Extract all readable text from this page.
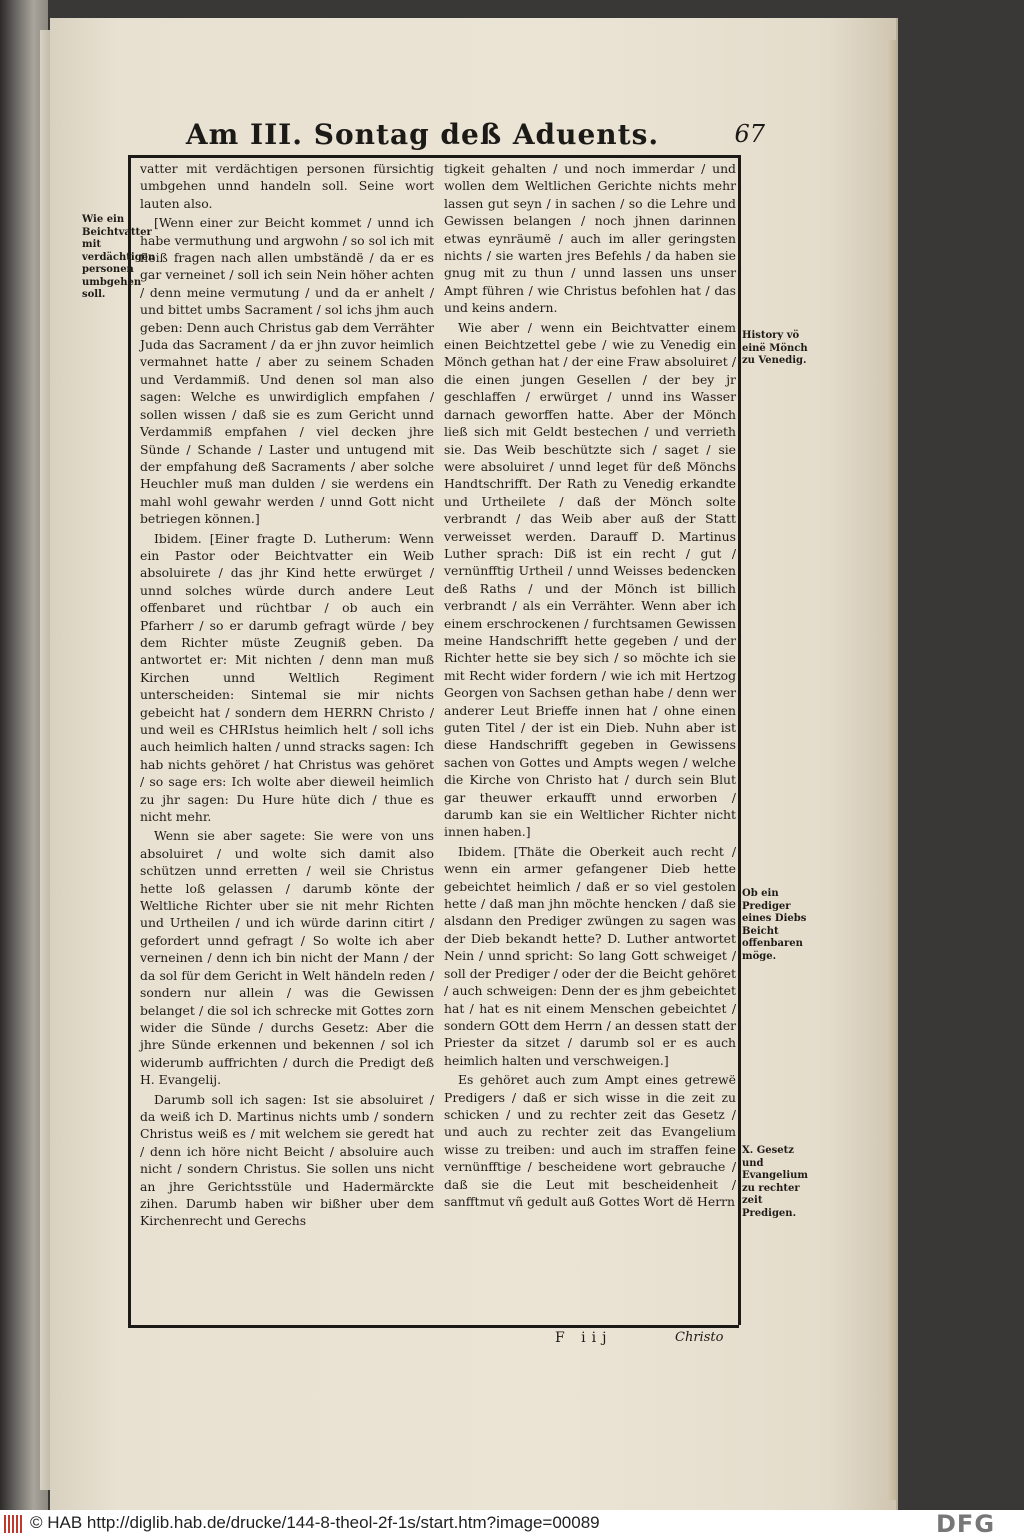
Am III. Sontag deß Aduents.	67
Wie ein Beichtvatter mit verdächtigen personen umbgehen soll.
History vö einë Mönch zu Venedig.
Ob ein Prediger eines Diebs Beicht offenbaren möge.
X. Gesetz und Evangelium zu rechter zeit Predigen.

vatter mit verdächtigen personen fürsichtig umbgehen unnd handeln soll. Seine wort lauten also.

[Wenn einer zur Beicht kommet / unnd ich habe vermuthung und argwohn / so sol ich mit fleiß fragen nach allen umbständë / da er es gar verneinet / soll ich sein Nein höher achten / denn meine vermutung / und da er anhelt / und bittet umbs Sacrament / sol ichs jhm auch geben: Denn auch Christus gab dem Verrähter Juda das Sacrament / da er jhn zuvor heimlich vermahnet hatte / aber zu seinem Schaden und Verdammiß. Und denen sol man also sagen: Welche es unwirdiglich empfahen / sollen wissen / daß sie es zum Gericht unnd Verdammiß empfahen / viel decken jhre Sünde / Schande / Laster und untugend mit der empfahung deß Sacraments / aber solche Heuchler muß man dulden / sie werdens ein mahl wohl gewahr werden / unnd Gott nicht betriegen können.]

Ibidem. [Einer fragte D. Lutherum: Wenn ein Pastor oder Beichtvatter ein Weib absoluirete / das jhr Kind hette erwürget / unnd solches würde durch andere Leut offenbaret und rüchtbar / ob auch ein Pfarherr / so er darumb gefragt würde / bey dem Richter müste Zeugniß geben. Da antwortet er: Mit nichten / denn man muß Kirchen unnd Weltlich Regiment unterscheiden: Sintemal sie mir nichts gebeicht hat / sondern dem HERRN Christo / und weil es CHRIstus heimlich helt / soll ichs auch heimlich halten / unnd stracks sagen: Ich hab nichts gehöret / hat Christus was gehöret / so sage ers: Ich wolte aber dieweil heimlich zu jhr sagen: Du Hure hüte dich / thue es nicht mehr.

Wenn sie aber sagete: Sie were von uns absoluiret / und wolte sich damit also schützen unnd erretten / weil sie Christus hette loß gelassen / darumb könte der Weltliche Richter uber sie nit mehr Richten und Urtheilen / und ich würde darinn citirt / gefordert unnd gefragt / So wolte ich aber verneinen / denn ich bin nicht der Mann / der da sol für dem Gericht in Welt händeln reden / sondern nur allein / was die Gewissen belanget / die sol ich schrecke mit Gottes zorn wider die Sünde / durchs Gesetz: Aber die jhre Sünde erkennen und bekennen / sol ich widerumb auffrichten / durch die Predigt deß H. Evangelij.

Darumb soll ich sagen: Ist sie absoluiret / da weiß ich D. Martinus nichts umb / sondern Christus weiß es / mit welchem sie geredt hat / denn ich höre nicht Beicht / absoluire auch nicht / sondern Christus. Sie sollen uns nicht an jhre Gerichtsstüle und Hadermärckte zihen. Darumb haben wir bißher uber dem Kirchenrecht und Gerechs

tigkeit gehalten / und noch immerdar / und wollen dem Weltlichen Gerichte nichts mehr lassen gut seyn / in sachen / so die Lehre und Gewissen belangen / noch jhnen darinnen etwas eynräumë / auch im aller geringsten nichts / sie warten jres Befehls / da haben sie gnug mit zu thun / unnd lassen uns unser Ampt führen / wie Christus befohlen hat / das und keins andern.

Wie aber / wenn ein Beichtvatter einem einen Beichtzettel gebe / wie zu Venedig ein Mönch gethan hat / der eine Fraw absoluiret / die einen jungen Gesellen / der bey jr geschlaffen / erwürget / unnd ins Wasser darnach geworffen hatte. Aber der Mönch ließ sich mit Geldt bestechen / und verrieth sie. Das Weib beschützte sich / saget / sie were absoluiret / unnd leget für deß Mönchs Handtschrifft. Der Rath zu Venedig erkandte und Urtheilete / daß der Mönch solte verbrandt / das Weib aber auß der Statt verweisset werden. Darauff D. Martinus Luther sprach: Diß ist ein recht / gut / vernünfftig Urtheil / unnd Weisses bedencken deß Raths / und der Mönch ist billich verbrandt / als ein Verrähter. Wenn aber ich einem erschrockenen / furchtsamen Gewissen meine Handschrifft hette gegeben / und der Richter hette sie bey sich / so möchte ich sie mit Recht wider fordern / wie ich mit Hertzog Georgen von Sachsen gethan habe / denn wer anderer Leut Brieffe innen hat / ohne einen guten Titel / der ist ein Dieb. Nuhn aber ist diese Handschrifft gegeben in Gewissens sachen von Gottes und Ampts wegen / welche die Kirche von Christo hat / durch sein Blut gar theuwer erkaufft unnd erworben / darumb kan sie ein Weltlicher Richter nicht innen haben.]

Ibidem. [Thäte die Oberkeit auch recht / wenn ein armer gefangener Dieb hette gebeichtet heimlich / daß er so viel gestolen hette / daß man jhn möchte hencken / daß sie alsdann den Prediger zwüngen zu sagen was der Dieb bekandt hette? D. Luther antwortet Nein / unnd spricht: So lang Gott schweiget / soll der Prediger / oder der die Beicht gehöret / auch schweigen: Denn der es jhm gebeichtet hat / hat es nit einem Menschen gebeichtet / sondern GOtt dem Herrn / an dessen statt der Priester da sitzet / darumb sol er es auch heimlich halten und verschweigen.]

Es gehöret auch zum Ampt eines getrewë Predigers / daß er sich wisse in die zeit zu schicken / und zu rechter zeit das Gesetz / und auch zu rechter zeit das Evangelium wisse zu treiben: und auch im straffen feine vernünfftige / bescheidene wort gebrauche / daß sie die Leut mit bescheidenheit / sanfftmut vñ gedult auß Gottes Wort dë Herrn

F iij	Christo
© HAB http://diglib.hab.de/drucke/144-8-theol-2f-1s/start.htm?image=00089	DFG
